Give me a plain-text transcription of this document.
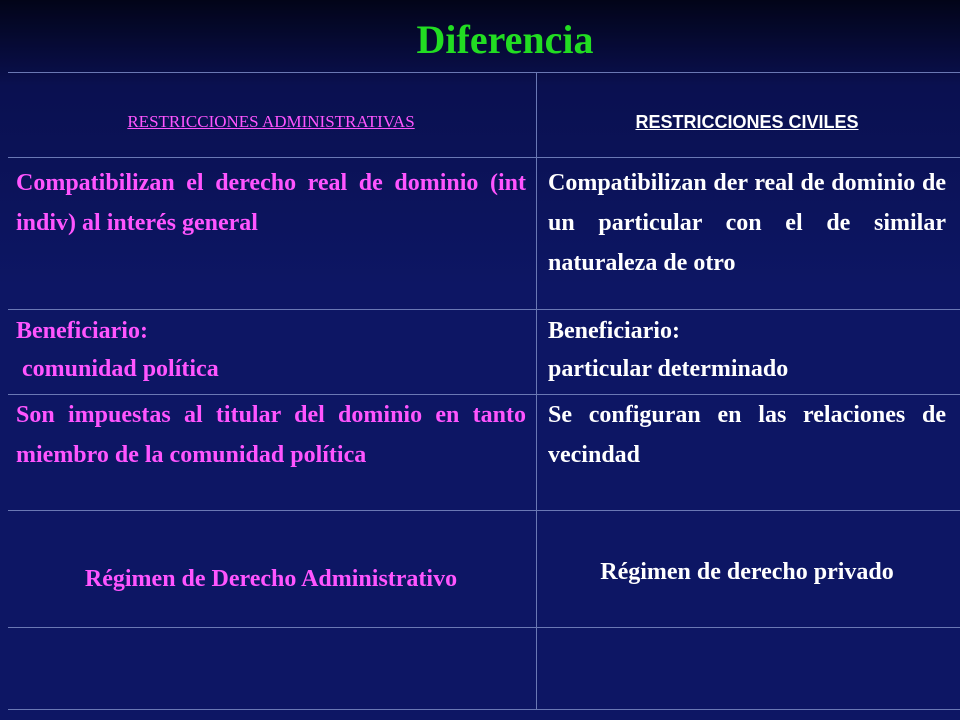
Diferencia
RESTRICCIONES ADMINISTRATIVAS	RESTRICCIONES CIVILES
Compatibilizan el derecho real de dominio (int indiv) al interés general
Compatibilizan der real de dominio de un particular con el de similar naturaleza de otro
Beneficiario:
comunidad política
Beneficiario:
particular determinado
Son impuestas al titular del dominio en tanto miembro de la comunidad política
Se configuran en las relaciones de vecindad
Régimen de Derecho Administrativo	Régimen de derecho privado
